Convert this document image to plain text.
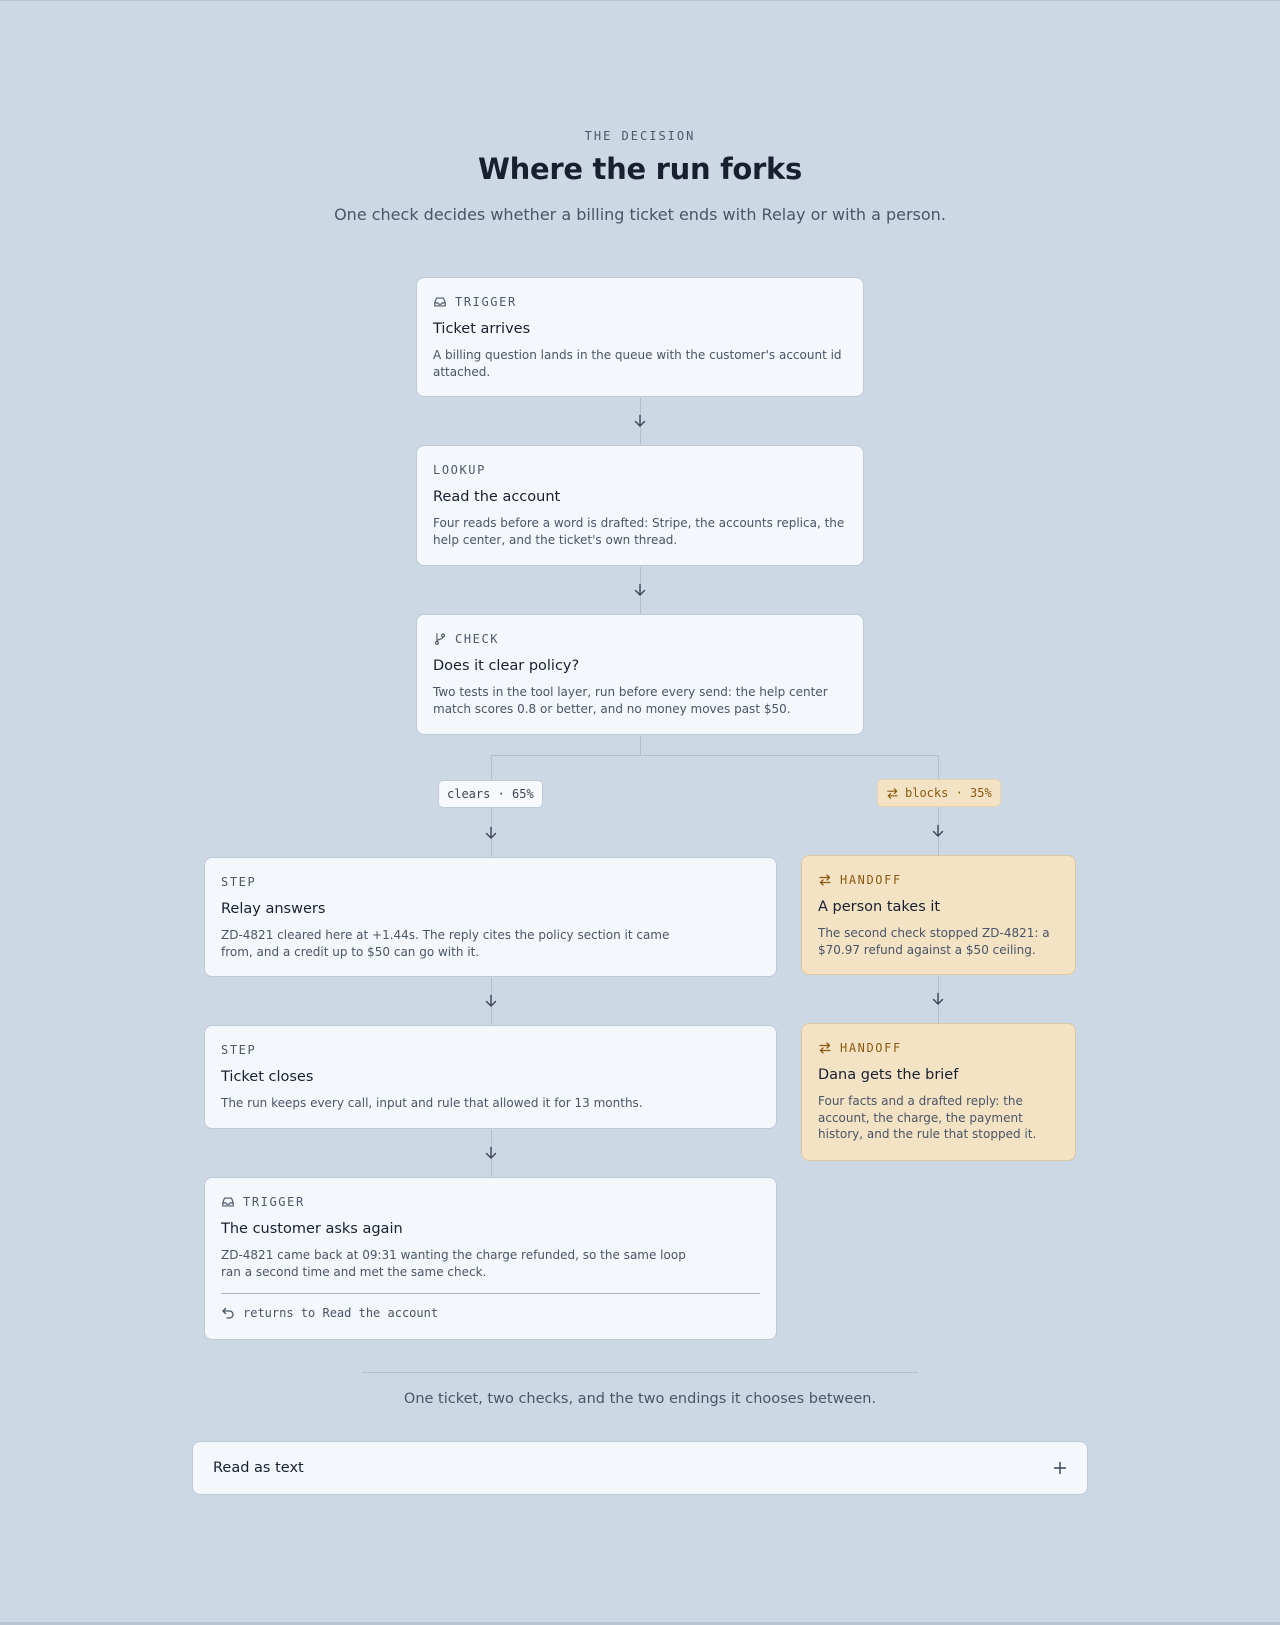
THE DECISION
Where the run forks

One check decides whether a billing ticket ends with Relay or with a person.

TRIGGER
Ticket arrives
A billing question lands in the queue with the customer's account id attached.
LOOKUP
Read the account
Four reads before a word is drafted: Stripe, the accounts replica, the help center, and the ticket's own thread.
CHECK
Does it clear policy?
Two tests in the tool layer, run before every send: the help center match scores 0.8 or better, and no money moves past $50.
clears · 65%	blocks · 35%
STEP
Relay answers
ZD-4821 cleared here at +1.44s. The reply cites the policy section it came from, and a credit up to $50 can go with it.
STEP
Ticket closes
The run keeps every call, input and rule that allowed it for 13 months.
TRIGGER
The customer asks again
ZD-4821 came back at 09:31 wanting the charge refunded, so the same loop ran a second time and met the same check.
returns to Read the account
HANDOFF
A person takes it
The second check stopped ZD-4821: a $70.97 refund against a $50 ceiling.
HANDOFF
Dana gets the brief
Four facts and a drafted reply: the account, the charge, the payment history, and the rule that stopped it.

One ticket, two checks, and the two endings it chooses between.

Read as text
